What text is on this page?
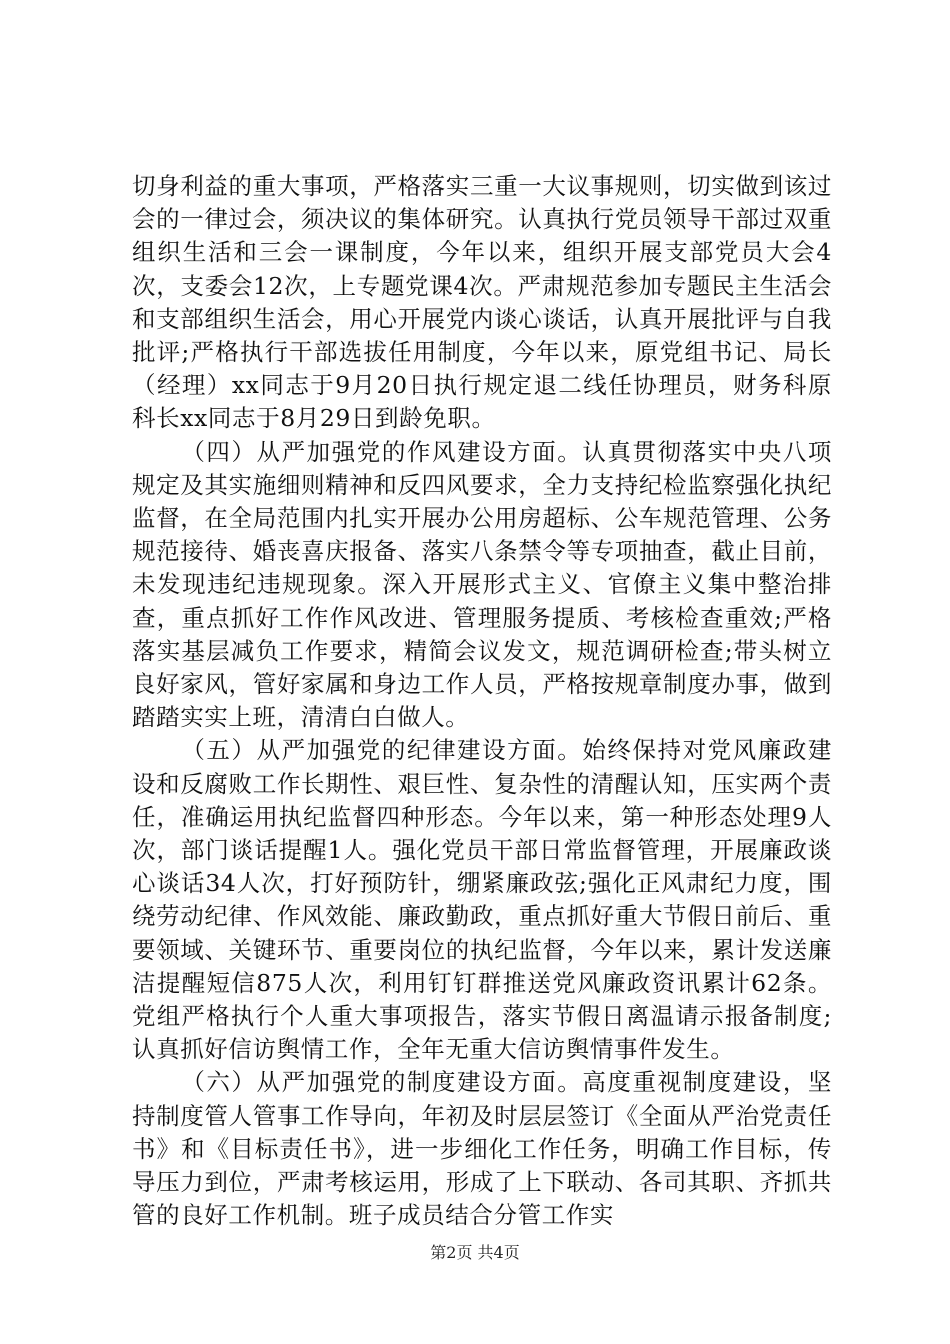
切身利益的重大事项，严格落实三重一大议事规则，切实做到该过会的一律过会，须决议的集体研究。认真执行党员领导干部过双重组织生活和三会一课制度，今年以来，组织开展支部党员大会4次，支委会12次，上专题党课4次。严肃规范参加专题民主生活会和支部组织生活会，用心开展党内谈心谈话，认真开展批评与自我批评;严格执行干部选拔任用制度，今年以来，原党组书记、局长（经理）xx同志于9月20日执行规定退二线任协理员，财务科原科长xx同志于8月29日到龄免职。

（四）从严加强党的作风建设方面。认真贯彻落实中央八项规定及其实施细则精神和反四风要求，全力支持纪检监察强化执纪监督，在全局范围内扎实开展办公用房超标、公车规范管理、公务规范接待、婚丧喜庆报备、落实八条禁令等专项抽查，截止目前，未发现违纪违规现象。深入开展形式主义、官僚主义集中整治排查，重点抓好工作作风改进、管理服务提质、考核检查重效;严格落实基层减负工作要求，精简会议发文，规范调研检查;带头树立良好家风，管好家属和身边工作人员，严格按规章制度办事，做到踏踏实实上班，清清白白做人。

（五）从严加强党的纪律建设方面。始终保持对党风廉政建设和反腐败工作长期性、艰巨性、复杂性的清醒认知，压实两个责任，准确运用执纪监督四种形态。今年以来，第一种形态处理9人次，部门谈话提醒1人。强化党员干部日常监督管理，开展廉政谈心谈话34人次，打好预防针，绷紧廉政弦;强化正风肃纪力度，围绕劳动纪律、作风效能、廉政勤政，重点抓好重大节假日前后、重要领域、关键环节、重要岗位的执纪监督，今年以来，累计发送廉洁提醒短信875人次，利用钉钉群推送党风廉政资讯累计62条。党组严格执行个人重大事项报告，落实节假日离温请示报备制度;认真抓好信访舆情工作，全年无重大信访舆情事件发生。

（六）从严加强党的制度建设方面。高度重视制度建设，坚持制度管人管事工作导向，年初及时层层签订《全面从严治党责任书》和《目标责任书》，进一步细化工作任务，明确工作目标，传导压力到位，严肃考核运用，形成了上下联动、各司其职、齐抓共管的良好工作机制。班子成员结合分管工作实

第2页 共4页
